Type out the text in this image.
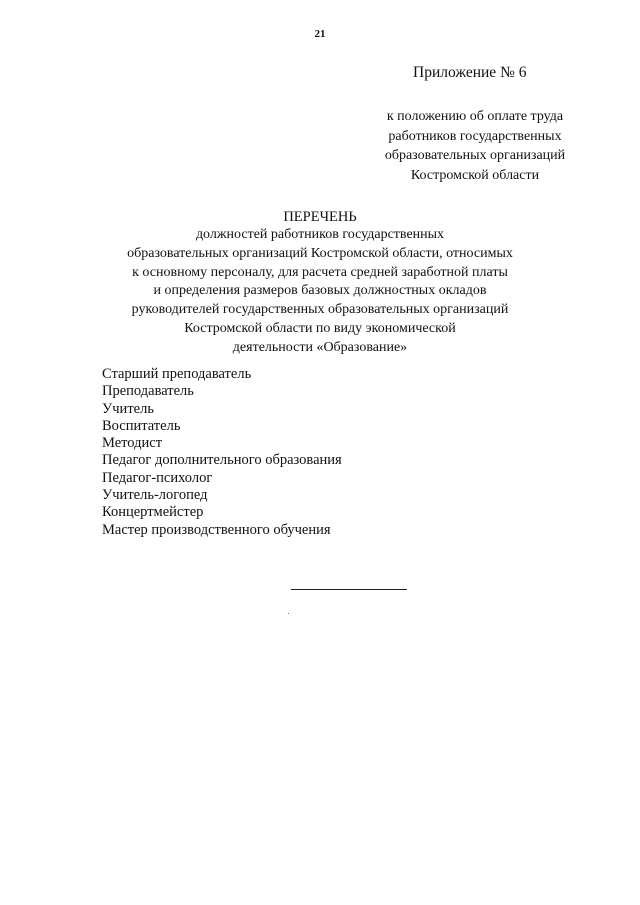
21
Приложение № 6
к положению об оплате труда
работников государственных
образовательных организаций
Костромской области
ПЕРЕЧЕНЬ
должностей работников государственных
образовательных организаций Костромской области, относимых
к основному персоналу, для расчета средней заработной платы
и определения размеров базовых должностных окладов
руководителей государственных образовательных организаций
Костромской области по виду экономической
деятельности «Образование»
Старший преподаватель
Преподаватель
Учитель
Воспитатель
Методист
Педагог дополнительного образования
Педагог-психолог
Учитель-логопед
Концертмейстер
Мастер производственного обучения
